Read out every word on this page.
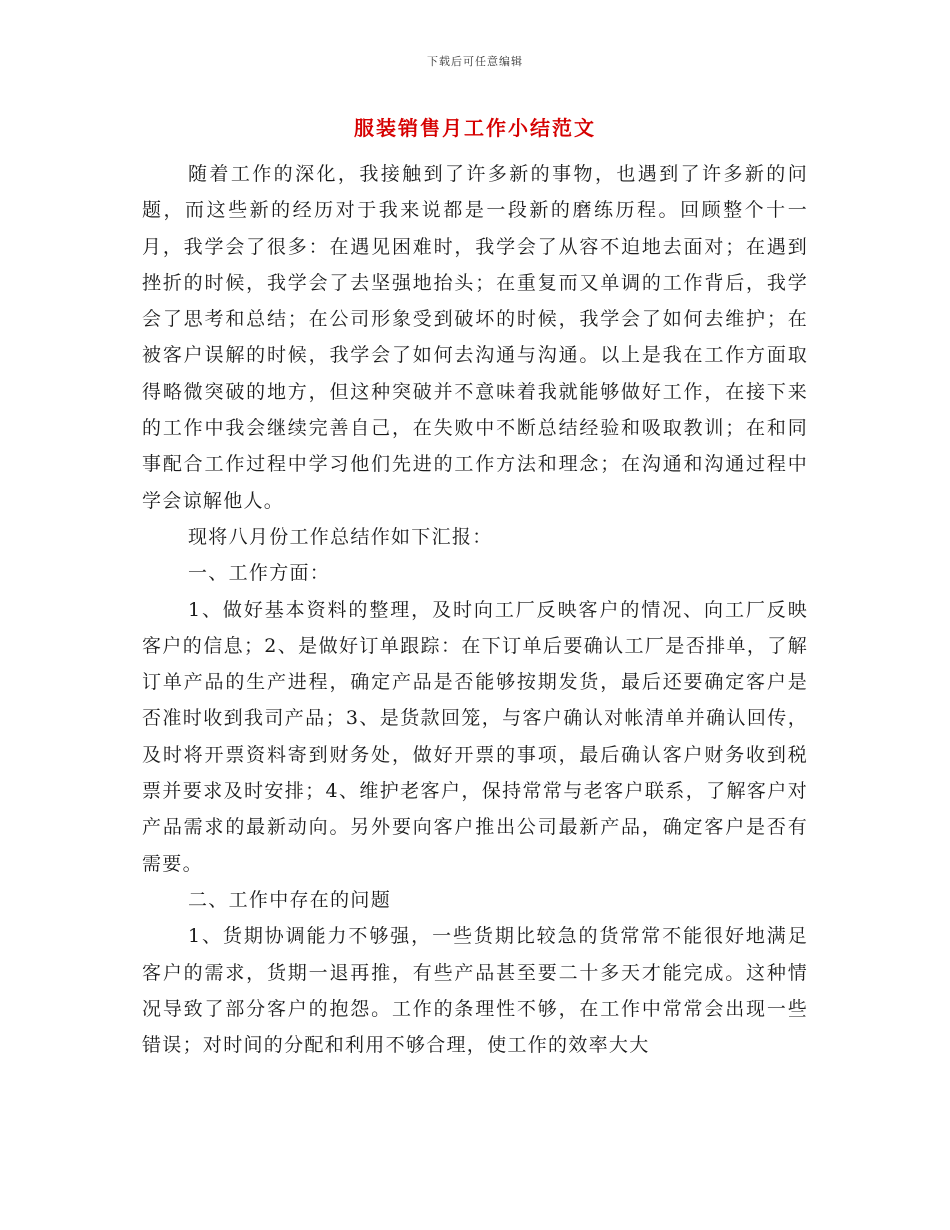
下载后可任意编辑
服装销售月工作小结范文

随着工作的深化，我接触到了许多新的事物，也遇到了许多新的问题，而这些新的经历对于我来说都是一段新的磨练历程。回顾整个十一月，我学会了很多：在遇见困难时，我学会了从容不迫地去面对；在遇到挫折的时候，我学会了去坚强地抬头；在重复而又单调的工作背后，我学会了思考和总结；在公司形象受到破坏的时候，我学会了如何去维护；在被客户误解的时候，我学会了如何去沟通与沟通。以上是我在工作方面取得略微突破的地方，但这种突破并不意味着我就能够做好工作，在接下来的工作中我会继续完善自己，在失败中不断总结经验和吸取教训；在和同事配合工作过程中学习他们先进的工作方法和理念；在沟通和沟通过程中学会谅解他人。

现将八月份工作总结作如下汇报：

一、工作方面：

1、做好基本资料的整理，及时向工厂反映客户的情况、向工厂反映客户的信息；2、是做好订单跟踪：在下订单后要确认工厂是否排单，了解订单产品的生产进程，确定产品是否能够按期发货，最后还要确定客户是否准时收到我司产品；3、是货款回笼，与客户确认对帐清单并确认回传，及时将开票资料寄到财务处，做好开票的事项，最后确认客户财务收到税票并要求及时安排；4、维护老客户，保持常常与老客户联系，了解客户对产品需求的最新动向。另外要向客户推出公司最新产品，确定客户是否有需要。

二、工作中存在的问题

1、货期协调能力不够强，一些货期比较急的货常常不能很好地满足客户的需求，货期一退再推，有些产品甚至要二十多天才能完成。这种情况导致了部分客户的抱怨。工作的条理性不够，在工作中常常会出现一些错误；对时间的分配和利用不够合理，使工作的效率大大
